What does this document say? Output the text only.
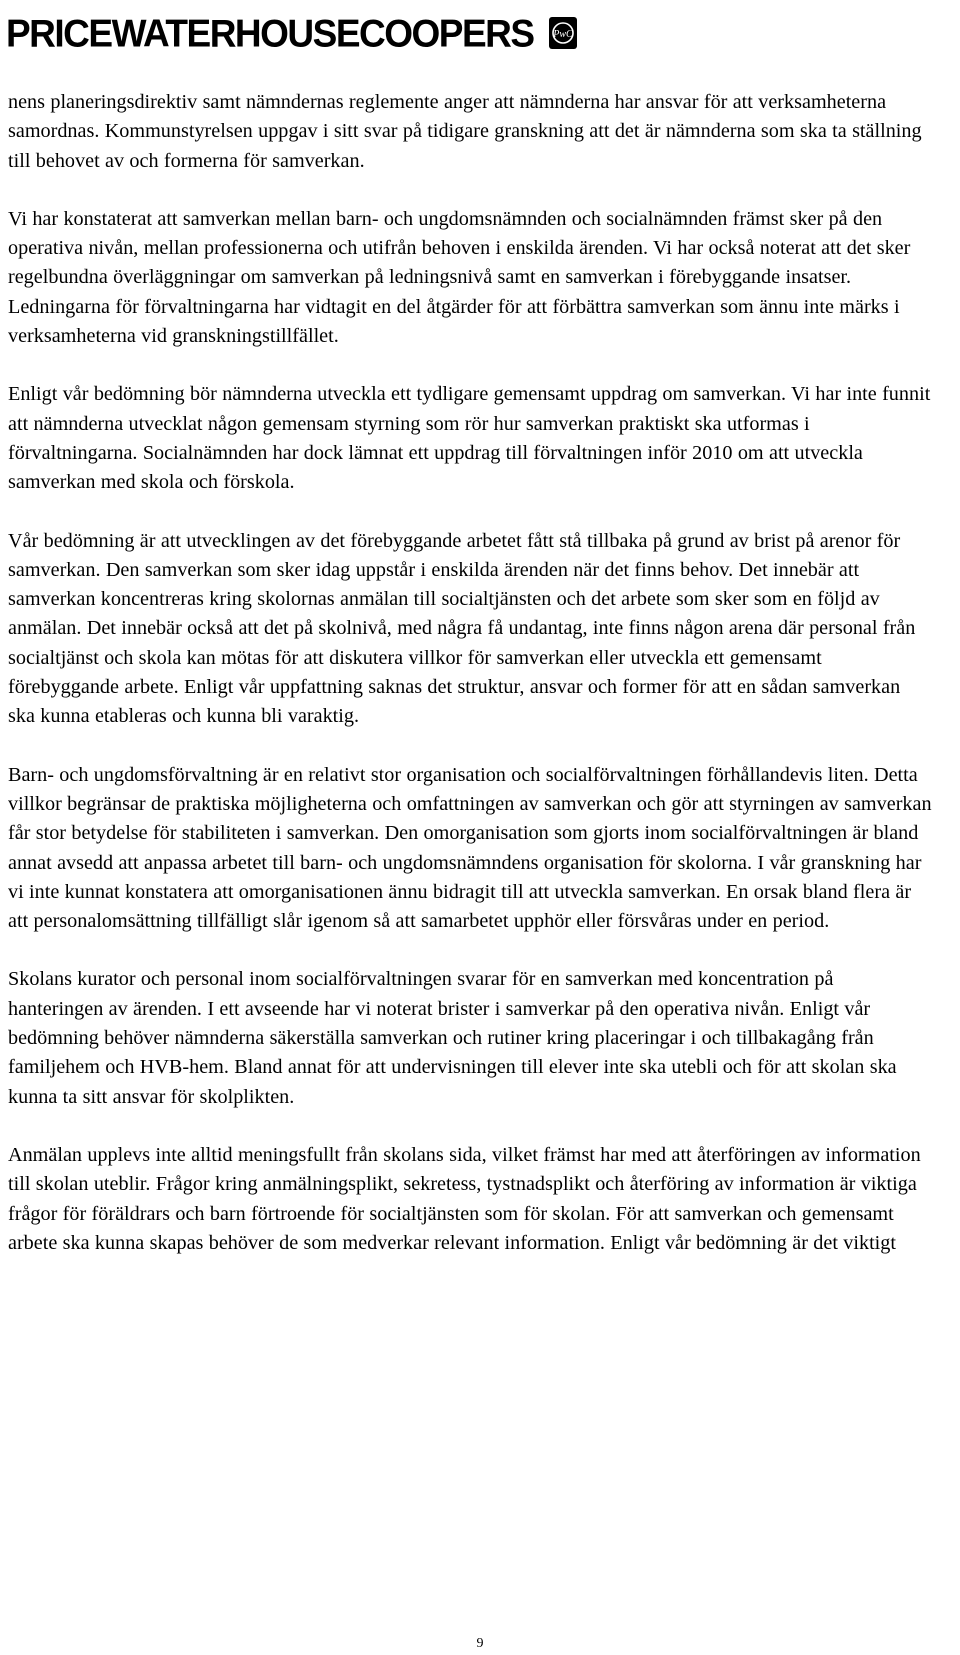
PRICEWATERHOUSECOOPERS PwC

nens planeringsdirektiv samt nämndernas reglemente anger att nämnderna har ansvar för att verksamheterna samordnas. Kommunstyrelsen uppgav i sitt svar på tidigare granskning att det är nämnderna som ska ta ställning till behovet av och formerna för samverkan.

Vi har konstaterat att samverkan mellan barn- och ungdomsnämnden och socialnämnden främst sker på den operativa nivån, mellan professionerna och utifrån behoven i enskilda ärenden. Vi har också noterat att det sker regelbundna överläggningar om samverkan på ledningsnivå samt en samverkan i förebyggande insatser. Ledningarna för förvaltningarna har vidtagit en del åtgärder för att förbättra samverkan som ännu inte märks i verksamheterna vid granskningstillfället.

Enligt vår bedömning bör nämnderna utveckla ett tydligare gemensamt uppdrag om samverkan. Vi har inte funnit att nämnderna utvecklat någon gemensam styrning som rör hur samverkan praktiskt ska utformas i förvaltningarna. Socialnämnden har dock lämnat ett uppdrag till förvaltningen inför 2010 om att utveckla samverkan med skola och förskola.

Vår bedömning är att utvecklingen av det förebyggande arbetet fått stå tillbaka på grund av brist på arenor för samverkan. Den samverkan som sker idag uppstår i enskilda ärenden när det finns behov. Det innebär att samverkan koncentreras kring skolornas anmälan till socialtjänsten och det arbete som sker som en följd av anmälan. Det innebär också att det på skolnivå, med några få undantag, inte finns någon arena där personal från socialtjänst och skola kan mötas för att diskutera villkor för samverkan eller utveckla ett gemensamt förebyggande arbete. Enligt vår uppfattning saknas det struktur, ansvar och former för att en sådan samverkan ska kunna etableras och kunna bli varaktig.

Barn- och ungdomsförvaltning är en relativt stor organisation och socialförvaltningen förhållandevis liten. Detta villkor begränsar de praktiska möjligheterna och omfattningen av samverkan och gör att styrningen av samverkan får stor betydelse för stabiliteten i samverkan. Den omorganisation som gjorts inom socialförvaltningen är bland annat avsedd att anpassa arbetet till barn- och ungdomsnämndens organisation för skolorna. I vår granskning har vi inte kunnat konstatera att omorganisationen ännu bidragit till att utveckla samverkan. En orsak bland flera är att personalomsättning tillfälligt slår igenom så att samarbetet upphör eller försvåras under en period.

Skolans kurator och personal inom socialförvaltningen svarar för en samverkan med koncentration på hanteringen av ärenden. I ett avseende har vi noterat brister i samverkar på den operativa nivån. Enligt vår bedömning behöver nämnderna säkerställa samverkan och rutiner kring placeringar i och tillbakagång från familjehem och HVB-hem. Bland annat för att undervisningen till elever inte ska utebli och för att skolan ska kunna ta sitt ansvar för skolplikten.

Anmälan upplevs inte alltid meningsfullt från skolans sida, vilket främst har med att återföringen av information till skolan uteblir. Frågor kring anmälningsplikt, sekretess, tystnadsplikt och återföring av information är viktiga frågor för föräldrars och barn förtroende för socialtjänsten som för skolan. För att samverkan och gemensamt arbete ska kunna skapas behöver de som medverkar relevant information. Enligt vår bedömning är det viktigt

9
